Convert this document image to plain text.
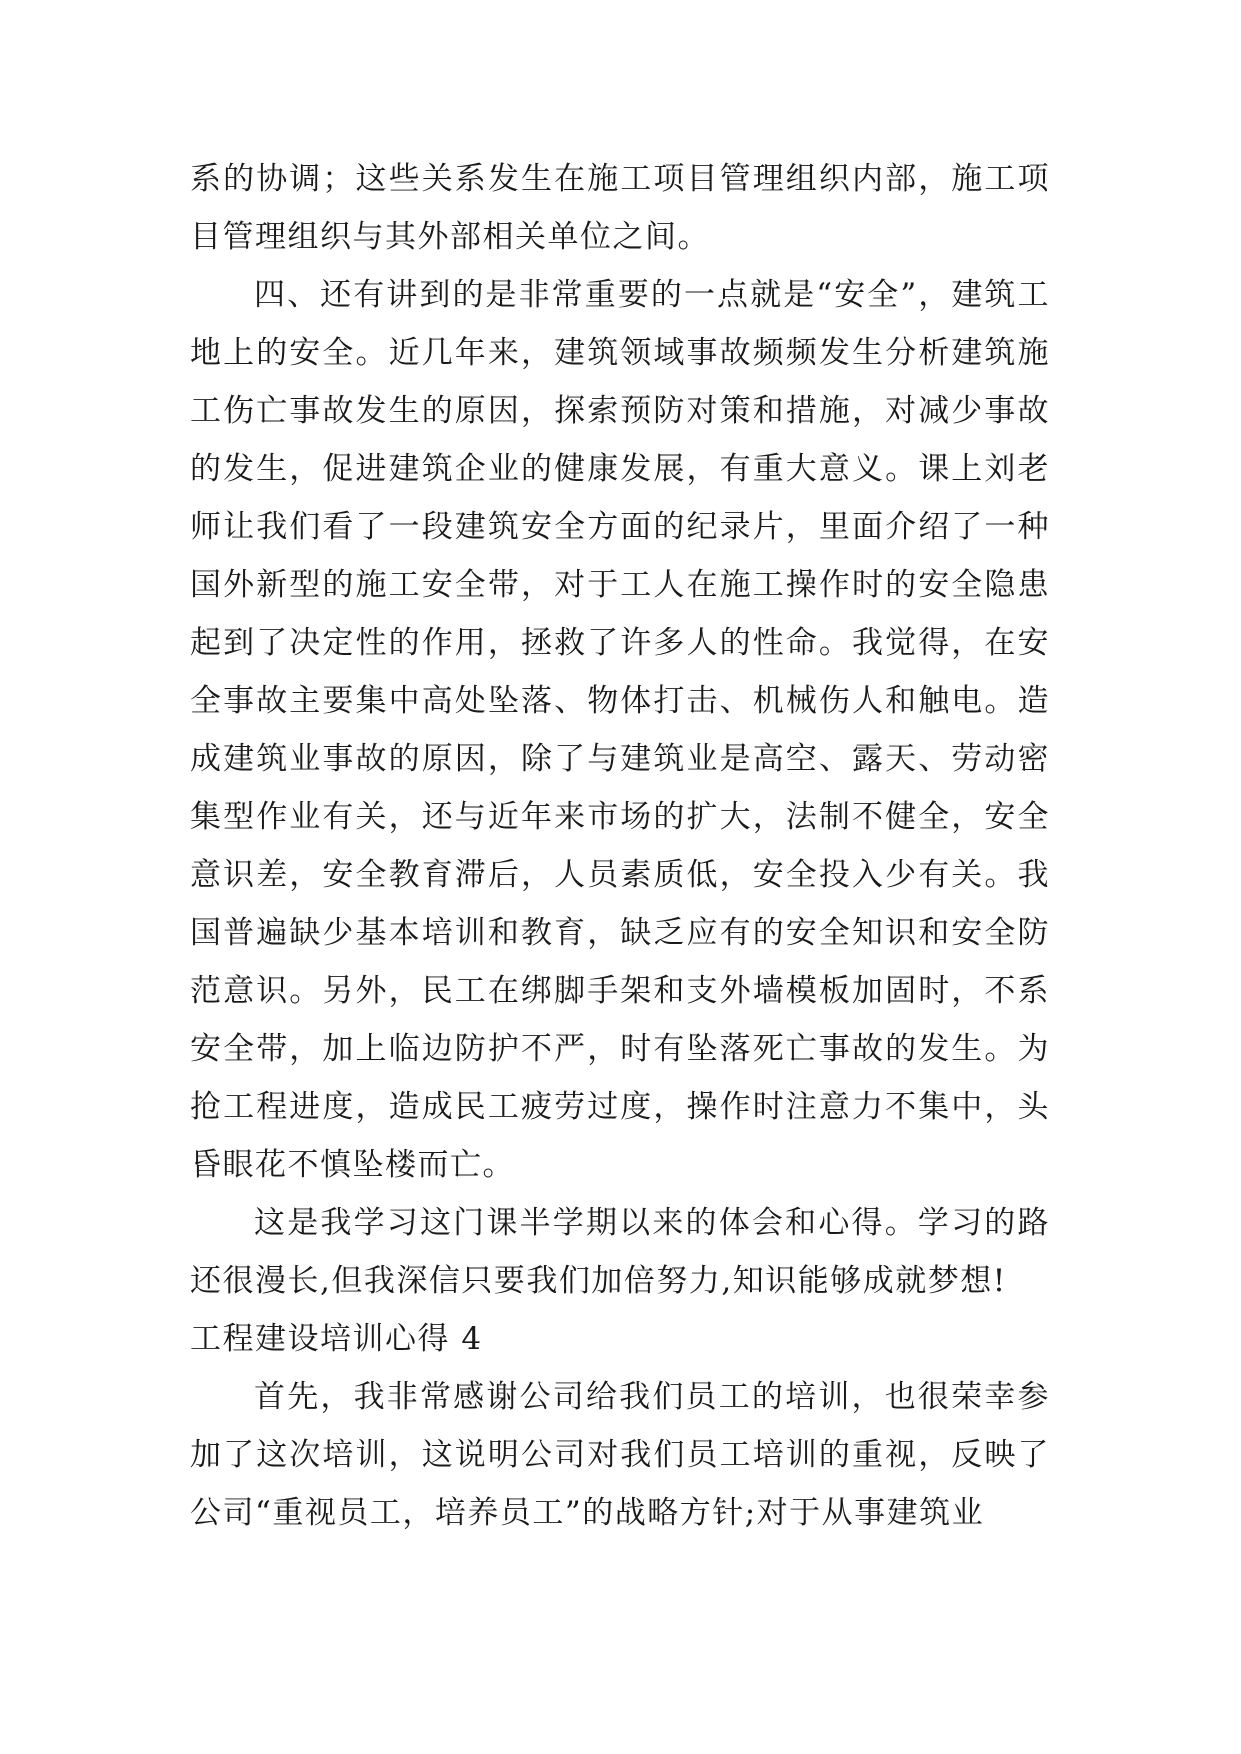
系的协调；这些关系发生在施工项目管理组织内部，施工项目管理组织与其外部相关单位之间。

四、还有讲到的是非常重要的一点就是“安全”，建筑工地上的安全。近几年来，建筑领域事故频频发生分析建筑施工伤亡事故发生的原因，探索预防对策和措施，对减少事故的发生，促进建筑企业的健康发展，有重大意义。课上刘老师让我们看了一段建筑安全方面的纪录片，里面介绍了一种国外新型的施工安全带，对于工人在施工操作时的安全隐患起到了决定性的作用，拯救了许多人的性命。我觉得，在安全事故主要集中高处坠落、物体打击、机械伤人和触电。造成建筑业事故的原因，除了与建筑业是高空、露天、劳动密集型作业有关，还与近年来市场的扩大，法制不健全，安全意识差，安全教育滞后，人员素质低，安全投入少有关。我国普遍缺少基本培训和教育，缺乏应有的安全知识和安全防范意识。另外，民工在绑脚手架和支外墙模板加固时，不系安全带，加上临边防护不严，时有坠落死亡事故的发生。为抢工程进度，造成民工疲劳过度，操作时注意力不集中，头昏眼花不慎坠楼而亡。

这是我学习这门课半学期以来的体会和心得。学习的路还很漫长,但我深信只要我们加倍努力,知识能够成就梦想!

工程建设培训心得 4

首先，我非常感谢公司给我们员工的培训，也很荣幸参加了这次培训，这说明公司对我们员工培训的重视，反映了公司“重视员工，培养员工”的战略方针;对于从事建筑业
